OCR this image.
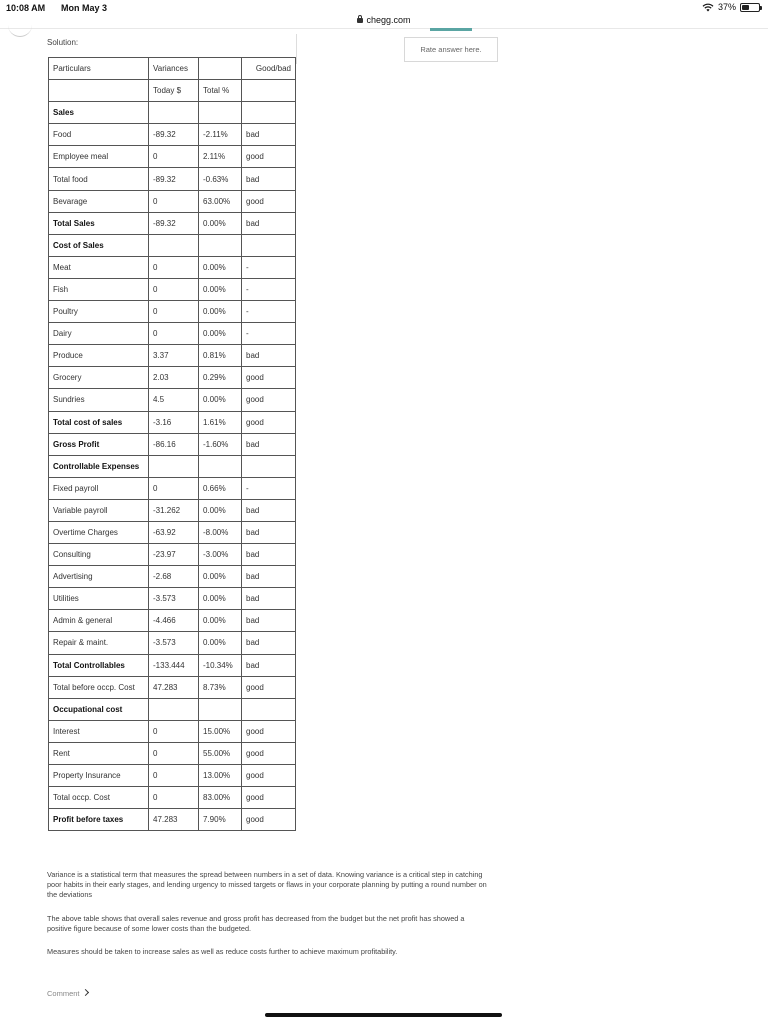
10:08 AM Mon May 3	37%
chegg.com
Solution:
Rate answer here.
Particulars	Variances		Good/bad
	Today $	Total %	
Sales			
Food	-89.32	-2.11%	bad
Employee meal	0	2.11%	good
Total food	-89.32	-0.63%	bad
Bevarage	0	63.00%	good
Total Sales	-89.32	0.00%	bad
Cost of Sales			
Meat	0	0.00%	-
Fish	0	0.00%	-
Poultry	0	0.00%	-
Dairy	0	0.00%	-
Produce	3.37	0.81%	bad
Grocery	2.03	0.29%	good
Sundries	4.5	0.00%	good
Total cost of sales	-3.16	1.61%	good
Gross Profit	-86.16	-1.60%	bad
Controllable Expenses			
Fixed payroll	0	0.66%	-
Variable payroll	-31.262	0.00%	bad
Overtime Charges	-63.92	-8.00%	bad
Consulting	-23.97	-3.00%	bad
Advertising	-2.68	0.00%	bad
Utilities	-3.573	0.00%	bad
Admin & general	-4.466	0.00%	bad
Repair & maint.	-3.573	0.00%	bad
Total Controllables	-133.444	-10.34%	bad
Total before occp. Cost	47.283	8.73%	good
Occupational cost			
Interest	0	15.00%	good
Rent	0	55.00%	good
Property Insurance	0	13.00%	good
Total occp. Cost	0	83.00%	good
Profit before taxes	47.283	7.90%	good
Variance is a statistical term that measures the spread between numbers in a set of data. Knowing variance is a critical step in catching poor habits in their early stages, and lending urgency to missed targets or flaws in your corporate planning by putting a round number on the deviations
The above table shows that overall sales revenue and gross profit has decreased from the budget but the net profit has showed a positive figure because of some lower costs than the budgeted.
Measures should be taken to increase sales as well as reduce costs further to achieve maximum profitability.
Comment
